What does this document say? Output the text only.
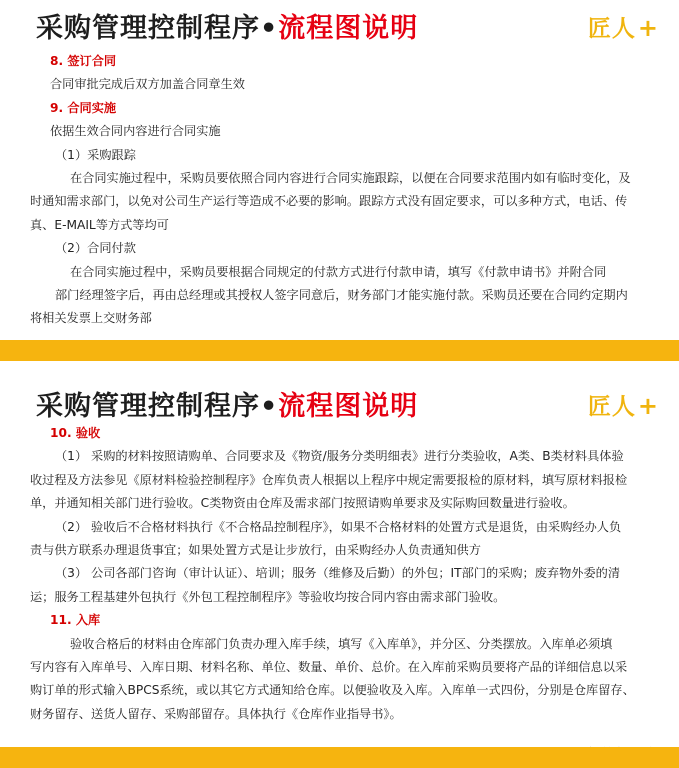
采购管理控制程序•流程图说明	匠人+
8. 签订合同
合同审批完成后双方加盖合同章生效
9. 合同实施
依据生效合同内容进行合同实施
（1）采购跟踪
在合同实施过程中，采购员要依照合同内容进行合同实施跟踪，以便在合同要求范围内如有临时变化，及
时通知需求部门，以免对公司生产运行等造成不必要的影响。跟踪方式没有固定要求，可以多种方式，电话、传
真、E-MAIL等方式等均可
（2）合同付款
在合同实施过程中，采购员要根据合同规定的付款方式进行付款申请，填写《付款申请书》并附合同
部门经理签字后，再由总经理或其授权人签字同意后，财务部门才能实施付款。采购员还要在合同约定期内
将相关发票上交财务部
采购管理控制程序•流程图说明	匠人+
10. 验收
（1） 采购的材料按照请购单、合同要求及《物资/服务分类明细表》进行分类验收，A类、B类材料具体验
收过程及方法参见《原材料检验控制程序》仓库负责人根据以上程序中规定需要报检的原材料，填写原材料报检
单，并通知相关部门进行验收。C类物资由仓库及需求部门按照请购单要求及实际购回数量进行验收。
（2） 验收后不合格材料执行《不合格品控制程序》，如果不合格材料的处置方式是退货，由采购经办人负
责与供方联系办理退货事宜；如果处置方式是让步放行，由采购经办人负责通知供方
（3） 公司各部门咨询（审计认证）、培训；服务（维修及后勤）的外包；IT部门的采购；废弃物外委的清
运；服务工程基建外包执行《外包工程控制程序》等验收均按合同内容由需求部门验收。
11. 入库
验收合格后的材料由仓库部门负责办理入库手续，填写《入库单》，并分区、分类摆放。入库单必须填
写内容有入库单号、入库日期、材料名称、单位、数量、单价、总价。在入库前采购员要将产品的详细信息以采
购订单的形式输入BPCS系统，或以其它方式通知给仓库。以便验收及入库。入库单一式四份，分别是仓库留存、
财务留存、送货人留存、采购部留存。具体执行《仓库作业指导书》。
